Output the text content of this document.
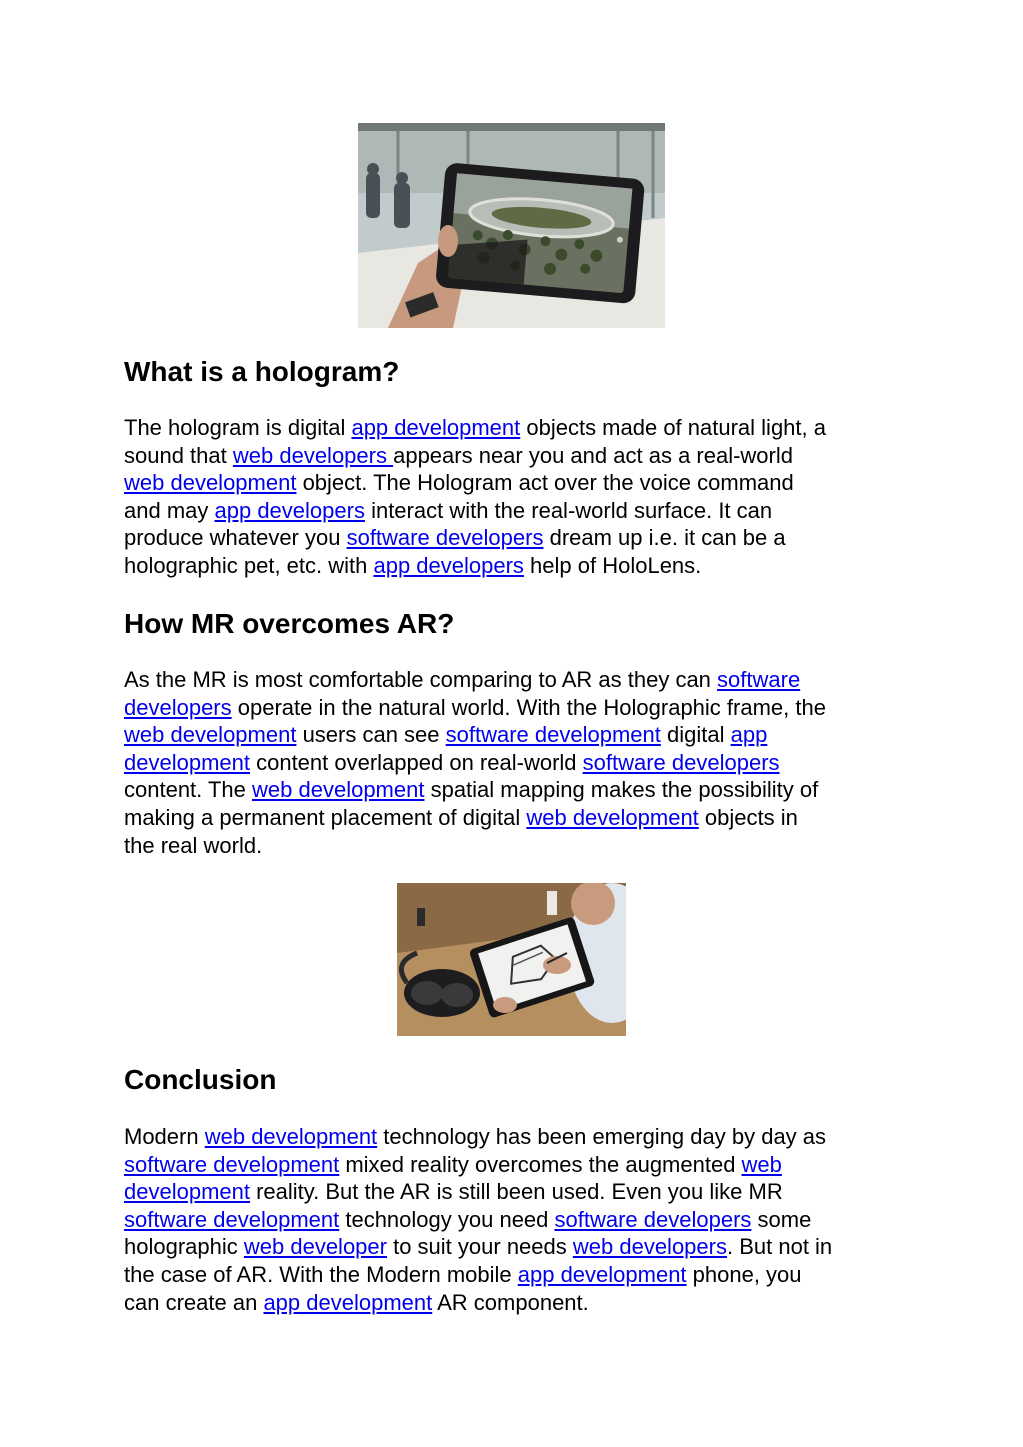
What is a hologram?
The hologram is digital app development objects made of natural light, a
sound that web developers appears near you and act as a real-world
web development object. The Hologram act over the voice command
and may app developers interact with the real-world surface. It can
produce whatever you software developers dream up i.e. it can be a
holographic pet, etc. with app developers help of HoloLens.
How MR overcomes AR?
As the MR is most comfortable comparing to AR as they can software
developers operate in the natural world. With the Holographic frame, the
web development users can see software development digital app
development content overlapped on real-world software developers
content. The web development spatial mapping makes the possibility of
making a permanent placement of digital web development objects in
the real world.
Conclusion
Modern web development technology has been emerging day by day as
software development mixed reality overcomes the augmented web
development reality. But the AR is still been used. Even you like MR
software development technology you need software developers some
holographic web developer to suit your needs web developers. But not in
the case of AR. With the Modern mobile app development phone, you
can create an app development AR component.
